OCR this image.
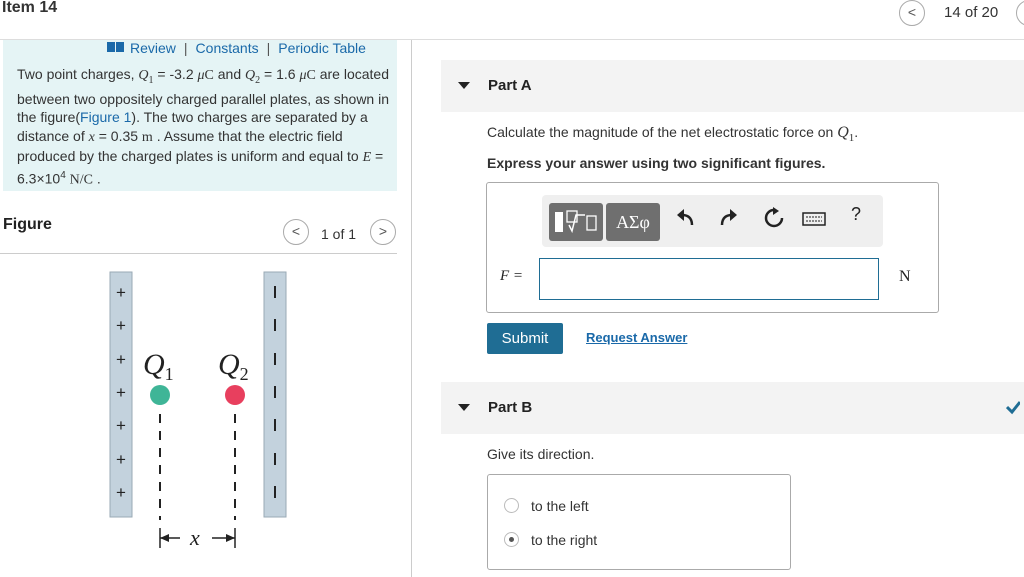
Item 14	<	14 of 20
Review | Constants | Periodic Table
Two point charges, $Q_1 = -3.2$ μC and $Q_2 = 1.6$ μC are located between two oppositely charged parallel plates, as shown in the figure(Figure 1). The two charges are separated by a distance of x = 0.35 m . Assume that the electric field produced by the charged plates is uniform and equal to $E = 6.3\times 10^4$ N/C .
Figure	<	1 of 1	>
+
+
+
+
+
+
+
$Q_1$ $Q_2$
x
Part A
Calculate the magnitude of the net electrostatic force on $Q_1$.
Express your answer using two significant figures.
ΑΣφ	?
F =	N
Submit	Request Answer
Part B
Give its direction.
to the left
to the right
